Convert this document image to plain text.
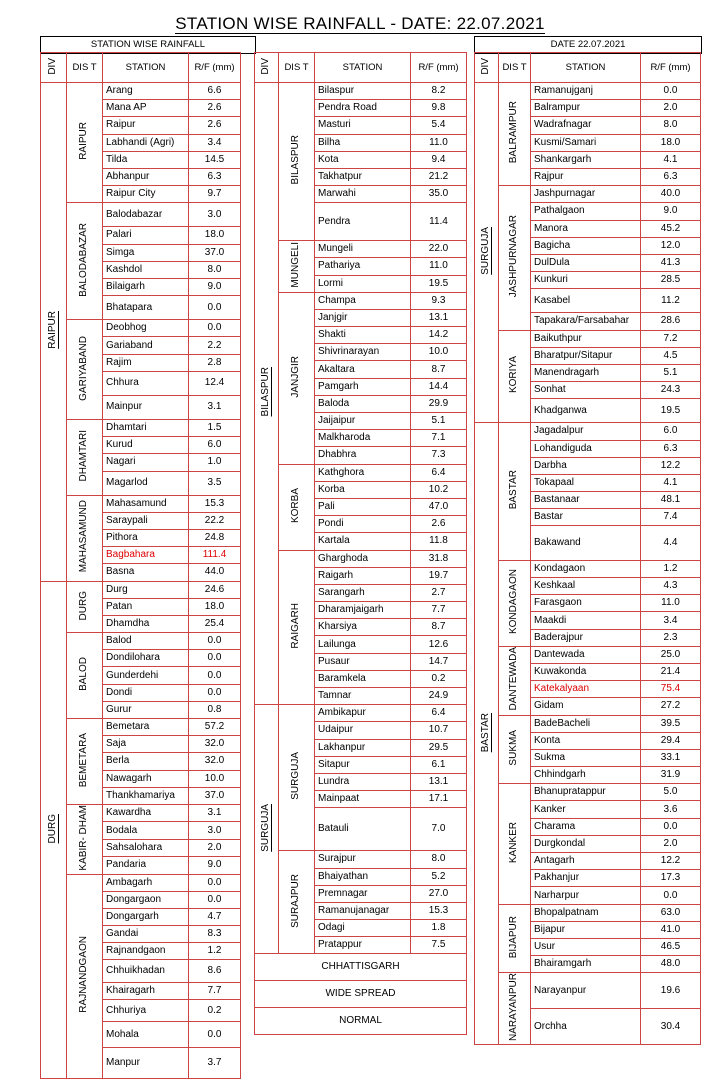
STATION WISE RAINFALL - DATE: 22.07.2021
STATION WISE RAINFALL	DATE 22.07.2021
DIV	DIS T	STATION	R/F (mm)
RAIPUR	RAIPUR	Arang	6.6
		Mana AP	2.6
		Raipur	2.6
		Labhandi (Agri)	3.4
		Tilda	14.5
		Abhanpur	6.3
		Raipur City	9.7
	BALODABAZAR	Balodabazar	3.0
		Palari	18.0
		Simga	37.0
		Kashdol	8.0
		Bilaigarh	9.0
		Bhatapara	0.0
	GARIYABAND	Deobhog	0.0
		Gariaband	2.2
		Rajim	2.8
		Chhura	12.4
		Mainpur	3.1
	DHAMTARI	Dhamtari	1.5
		Kurud	6.0
		Nagari	1.0
		Magarlod	3.5
	MAHASAMUND	Mahasamund	15.3
		Saraypali	22.2
		Pithora	24.8
		Bagbahara	111.4
		Basna	44.0
DURG	DURG	Durg	24.6
		Patan	18.0
		Dhamdha	25.4
	BALOD	Balod	0.0
		Dondilohara	0.0
		Gunderdehi	0.0
		Dondi	0.0
		Gurur	0.8
	BEMETARA	Bemetara	57.2
		Saja	32.0
		Berla	32.0
		Nawagarh	10.0
		Thankhamariya	37.0
	KABIR- DHAM	Kawardha	3.1
		Bodala	3.0
		Sahsalohara	2.0
		Pandaria	9.0
	RAJNANDGAON	Ambagarh	0.0
		Dongargaon	0.0
		Dongargarh	4.7
		Gandai	8.3
		Rajnandgaon	1.2
		Chhuikhadan	8.6
		Khairagarh	7.7
		Chhuriya	0.2
		Mohala	0.0
		Manpur	3.7
DIV	DIS T	STATION	R/F (mm)
BILASPUR	BILASPUR	Bilaspur	8.2
		Pendra Road	9.8
		Masturi	5.4
		Bilha	11.0
		Kota	9.4
		Takhatpur	21.2
		Marwahi	35.0
		Pendra	11.4
	MUNGELI	Mungeli	22.0
		Pathariya	11.0
		Lormi	19.5
	JANJGIR	Champa	9.3
		Janjgir	13.1
		Shakti	14.2
		Shivrinarayan	10.0
		Akaltara	8.7
		Pamgarh	14.4
		Baloda	29.9
		Jaijaipur	5.1
		Malkharoda	7.1
		Dhabhra	7.3
	KORBA	Kathghora	6.4
		Korba	10.2
		Pali	47.0
		Pondi	2.6
		Kartala	11.8
	RAIGARH	Gharghoda	31.8
		Raigarh	19.7
		Sarangarh	2.7
		Dharamjaigarh	7.7
		Kharsiya	8.7
		Lailunga	12.6
		Pusaur	14.7
		Baramkela	0.2
		Tamnar	24.9
SURGUJA	SURGUJA	Ambikapur	6.4
		Udaipur	10.7
		Lakhanpur	29.5
		Sitapur	6.1
		Lundra	13.1
		Mainpaat	17.1
		Batauli	7.0
	SURAJPUR	Surajpur	8.0
		Bhaiyathan	5.2
		Premnagar	27.0
		Ramanujanagar	15.3
		Odagi	1.8
		Pratappur	7.5
CHHATTISGARH			
WIDE SPREAD			
NORMAL			
DIV	DIS T	STATION	R/F (mm)
SURGUJA	BALRAMPUR	Ramanujganj	0.0
		Balrampur	2.0
		Wadrafnagar	8.0
		Kusmi/Samari	18.0
		Shankargarh	4.1
		Rajpur	6.3
	JASHPURNAGAR	Jashpurnagar	40.0
		Pathalgaon	9.0
		Manora	45.2
		Bagicha	12.0
		DulDula	41.3
		Kunkuri	28.5
		Kasabel	11.2
		Tapakara/Farsabahar	28.6
	KORIYA	Baikuthpur	7.2
		Bharatpur/Sitapur	4.5
		Manendragarh	5.1
		Sonhat	24.3
		Khadganwa	19.5
BASTAR	BASTAR	Jagadalpur	6.0
		Lohandiguda	6.3
		Darbha	12.2
		Tokapaal	4.1
		Bastanaar	48.1
		Bastar	7.4
		Bakawand	4.4
	KONDAGAON	Kondagaon	1.2
		Keshkaal	4.3
		Farasgaon	11.0
		Maakdi	3.4
		Baderajpur	2.3
	DANTEWADA	Dantewada	25.0
		Kuwakonda	21.4
		Katekalyaan	75.4
		Gidam	27.2
	SUKMA	BadeBacheli	39.5
		Konta	29.4
		Sukma	33.1
		Chhindgarh	31.9
	KANKER	Bhanupratappur	5.0
		Kanker	3.6
		Charama	0.0
		Durgkondal	2.0
		Antagarh	12.2
		Pakhanjur	17.3
		Narharpur	0.0
	BIJAPUR	Bhopalpatnam	63.0
		Bijapur	41.0
		Usur	46.5
		Bhairamgarh	48.0
	NARAYANPUR	Narayanpur	19.6
		Orchha	30.4
